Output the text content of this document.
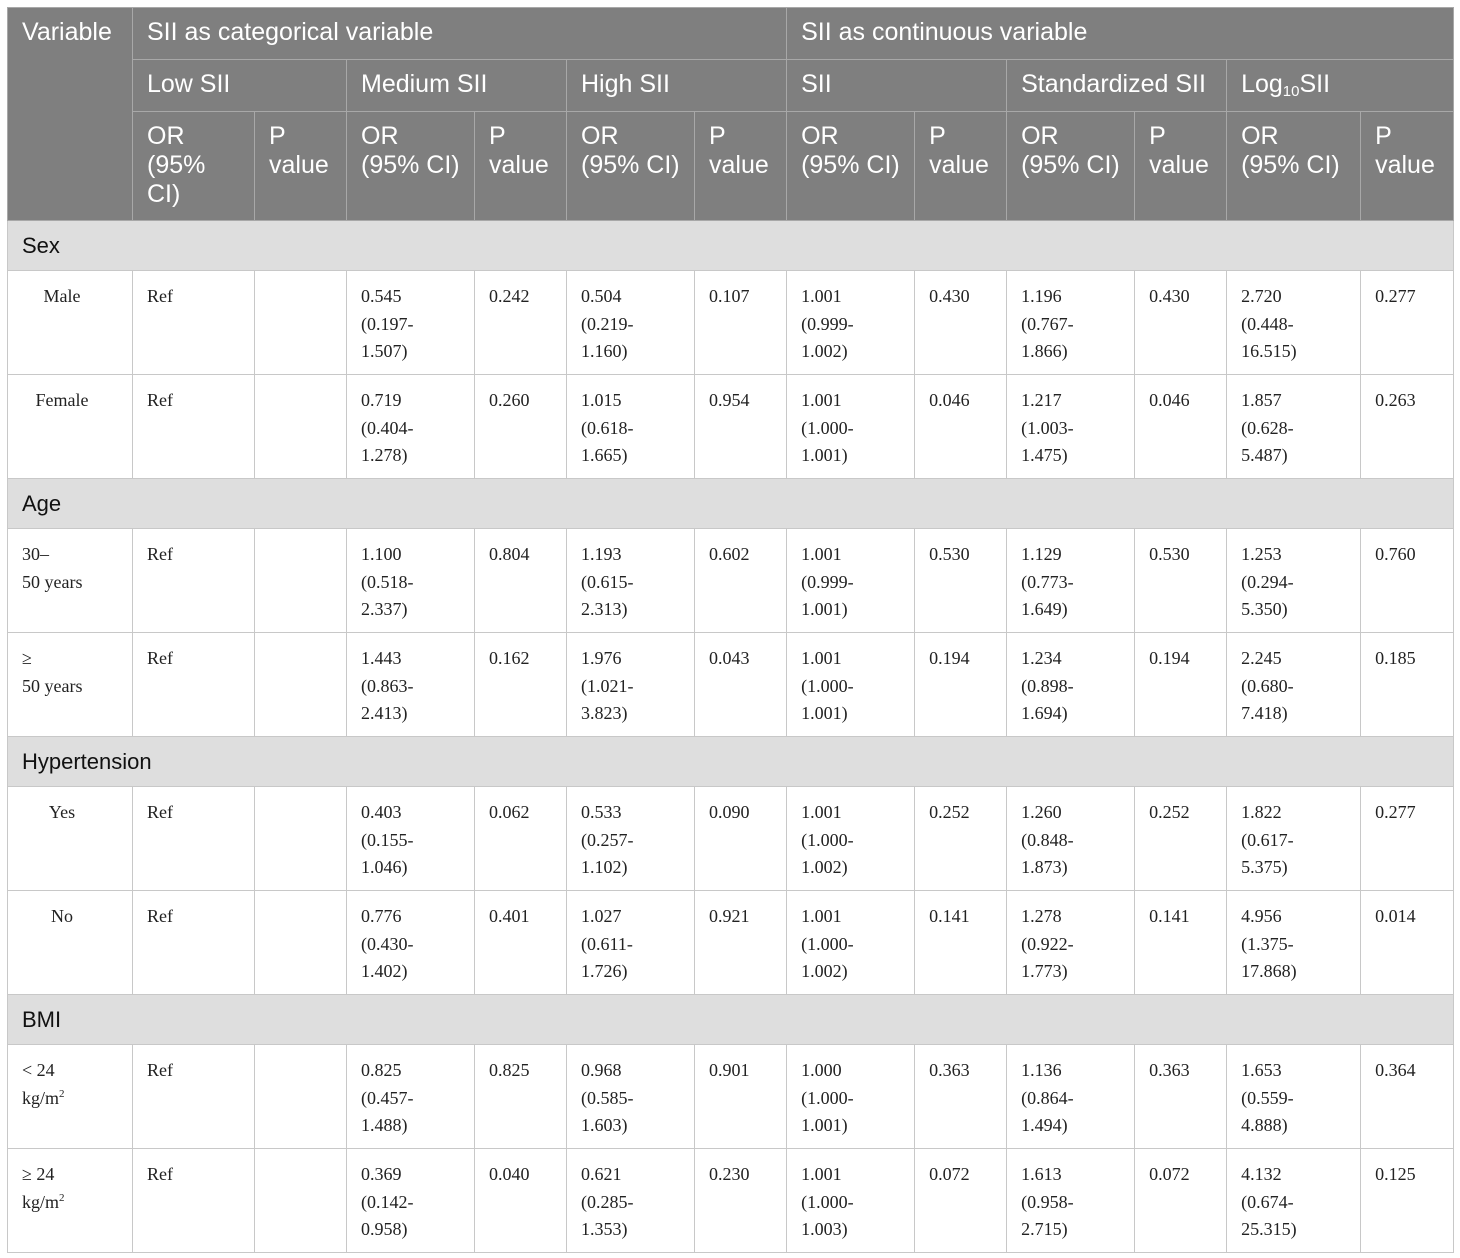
Variable	SII as categorical variable						SII as continuous variable					
	Low SII		Medium SII		High SII		SII		Standardized SII		Log$_{10}$SII	
	OR
(95%
CI)	P
value	OR
(95% CI)	P
value	OR
(95% CI)	P
value	OR
(95% CI)	P
value	OR
(95% CI)	P
value	OR
(95% CI)	P
value
Sex												
Male	Ref		0.545
(0.197-
1.507)	0.242	0.504
(0.219-
1.160)	0.107	1.001
(0.999-
1.002)	0.430	1.196
(0.767-
1.866)	0.430	2.720
(0.448-
16.515)	0.277
Female	Ref		0.719
(0.404-
1.278)	0.260	1.015
(0.618-
1.665)	0.954	1.001
(1.000-
1.001)	0.046	1.217
(1.003-
1.475)	0.046	1.857
(0.628-
5.487)	0.263
Age												
30–
50 years	Ref		1.100
(0.518-
2.337)	0.804	1.193
(0.615-
2.313)	0.602	1.001
(0.999-
1.001)	0.530	1.129
(0.773-
1.649)	0.530	1.253
(0.294-
5.350)	0.760
≥
50 years	Ref		1.443
(0.863-
2.413)	0.162	1.976
(1.021-
3.823)	0.043	1.001
(1.000-
1.001)	0.194	1.234
(0.898-
1.694)	0.194	2.245
(0.680-
7.418)	0.185
Hypertension												
Yes	Ref		0.403
(0.155-
1.046)	0.062	0.533
(0.257-
1.102)	0.090	1.001
(1.000-
1.002)	0.252	1.260
(0.848-
1.873)	0.252	1.822
(0.617-
5.375)	0.277
No	Ref		0.776
(0.430-
1.402)	0.401	1.027
(0.611-
1.726)	0.921	1.001
(1.000-
1.002)	0.141	1.278
(0.922-
1.773)	0.141	4.956
(1.375-
17.868)	0.014
BMI												
< 24
$kg/m^2$	Ref		0.825
(0.457-
1.488)	0.825	0.968
(0.585-
1.603)	0.901	1.000
(1.000-
1.001)	0.363	1.136
(0.864-
1.494)	0.363	1.653
(0.559-
4.888)	0.364
≥ 24
$kg/m^2$	Ref		0.369
(0.142-
0.958)	0.040	0.621
(0.285-
1.353)	0.230	1.001
(1.000-
1.003)	0.072	1.613
(0.958-
2.715)	0.072	4.132
(0.674-
25.315)	0.125
